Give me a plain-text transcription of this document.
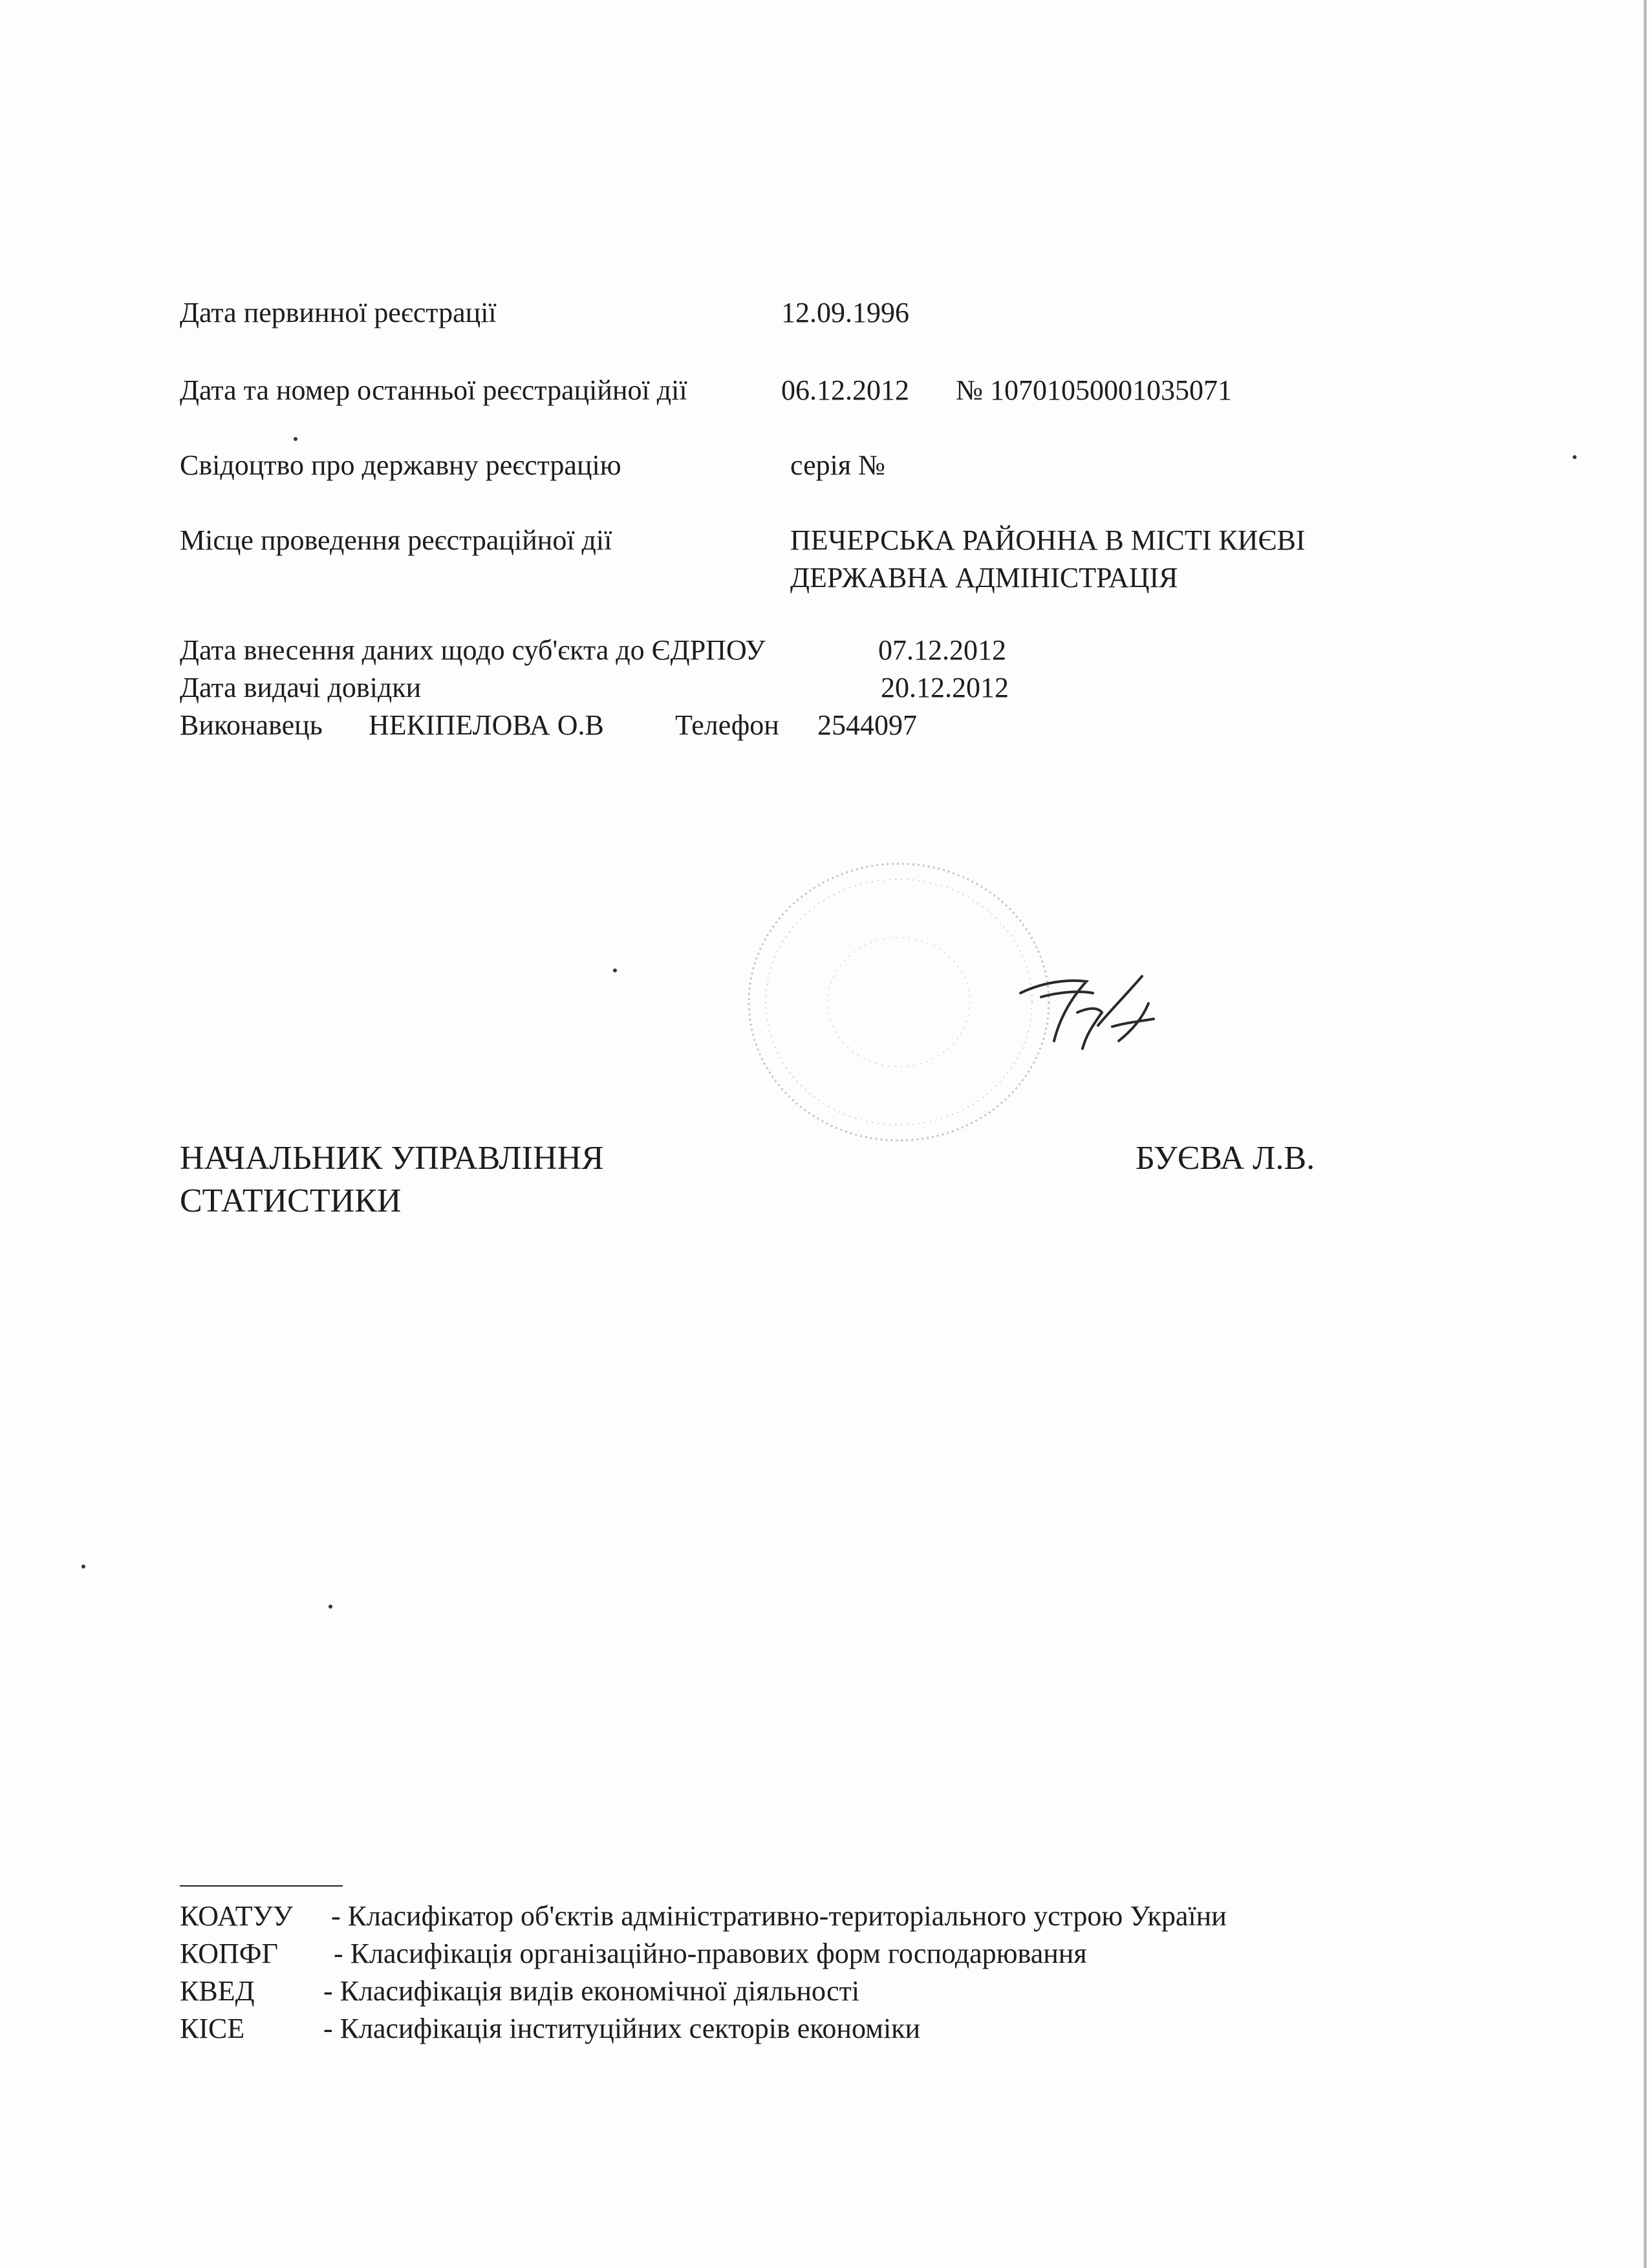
Дата первинної реєстрації	12.09.1996
Дата та номер останньої реєстраційної дії	06.12.2012 № 10701050001035071
Свідоцтво про державну реєстрацію	серія №
Місце проведення реєстраційної дії	ПЕЧЕРСЬКА РАЙОННА В МІСТІ КИЄВІ
ДЕРЖАВНА АДМІНІСТРАЦІЯ
Дата внесення даних щодо суб'єкта до ЄДРПОУ	07.12.2012
Дата видачі довідки	20.12.2012
Виконавець НЕКІПЕЛОВА О.В	Телефон 2544097
НАЧАЛЬНИК УПРАВЛІННЯ
СТАТИСТИКИ
БУЄВА Л.В.
КОАТУУ - Класифікатор об'єктів адміністративно-територіального устрою України
КОПФГ - Класифікація організаційно-правових форм господарювання
КВЕД - Класифікація видів економічної діяльності
КІСЕ	- Класифікація інституційних секторів економіки
